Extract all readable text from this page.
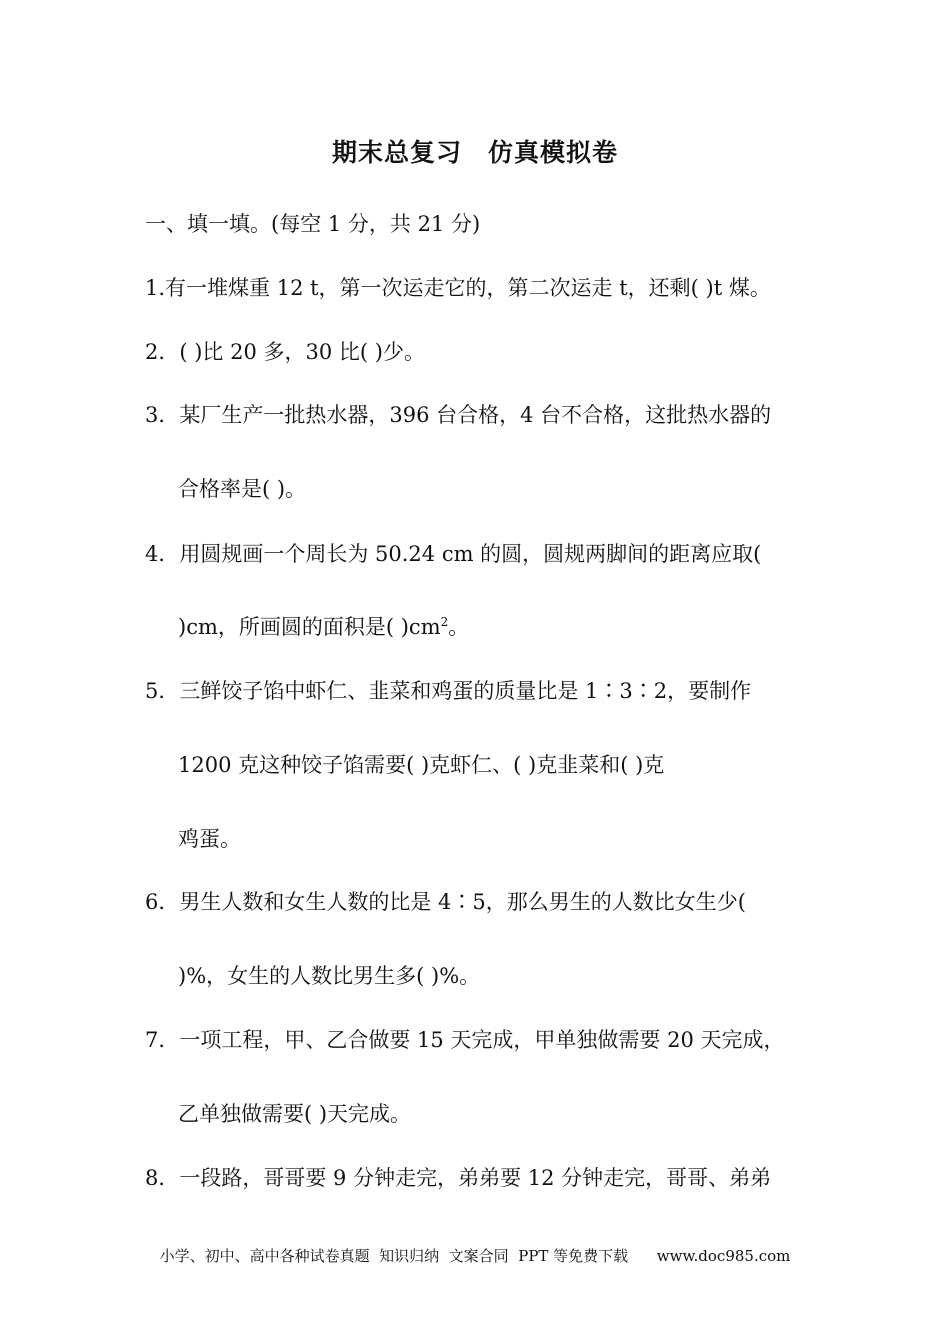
期末总复习　仿真模拟卷
一、填一填。(每空 1 分，共 21 分)
1.有一堆煤重 12 t，第一次运走它的，第二次运走 t，还剩( )t 煤。
2．( )比 20 多，30 比( )少。
3．某厂生产一批热水器，396 台合格，4 台不合格，这批热水器的
合格率是( )。
4．用圆规画一个周长为 50.24 cm 的圆，圆规两脚间的距离应取(
)cm，所画圆的面积是( )$cm^2$。
5．三鲜饺子馅中虾仁、韭菜和鸡蛋的质量比是 1∶3∶2，要制作
1200 克这种饺子馅需要( )克虾仁、( )克韭菜和( )克
鸡蛋。
6．男生人数和女生人数的比是 4∶5，那么男生的人数比女生少(
)%，女生的人数比男生多( )%。
7．一项工程，甲、乙合做要 15 天完成，甲单独做需要 20 天完成，
乙单独做需要( )天完成。
8．一段路，哥哥要 9 分钟走完，弟弟要 12 分钟走完，哥哥、弟弟
小学、初中、高中各种试卷真题  知识归纳  文案合同  PPT 等免费下载      www.doc985.com
